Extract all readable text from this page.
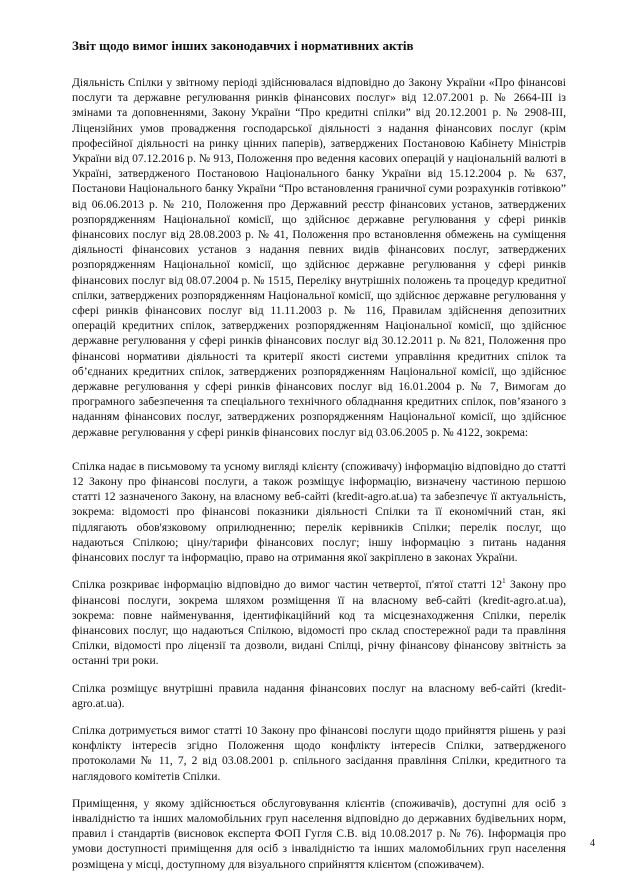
Звіт щодо вимог інших законодавчих і нормативних актів

Діяльність Спілки у звітному періоді здійснювалася відповідно до Закону України «Про фінансові послуги та державне регулювання ринків фінансових послуг» від 12.07.2001 р. № 2664-ІІІ із змінами та доповненнями, Закону України “Про кредитні спілки” від 20.12.2001 р. № 2908-ІІІ, Ліцензійних умов провадження господарської діяльності з надання фінансових послуг (крім професійної діяльності на ринку цінних паперів), затверджених Постановою Кабінету Міністрів України від 07.12.2016 р. № 913, Положення про ведення касових операцій у національній валюті в Україні, затвердженого Постановою Національного банку України від 15.12.2004 р. № 637, Постанови Національного банку України “Про встановлення граничної суми розрахунків готівкою” від 06.06.2013 р. № 210, Положення про Державний реєстр фінансових установ, затверджених розпорядженням Національної комісії, що здійснює державне регулювання у сфері ринків фінансових послуг від 28.08.2003 р. № 41, Положення про встановлення обмежень на суміщення діяльності фінансових установ з надання певних видів фінансових послуг, затверджених розпорядженням Національної комісії, що здійснює державне регулювання у сфері ринків фінансових послуг від 08.07.2004 р. № 1515, Переліку внутрішніх положень та процедур кредитної спілки, затверджених розпорядженням Національної комісії, що здійснює державне регулювання у сфері ринків фінансових послуг від 11.11.2003 р. № 116, Правилам здійснення депозитних операцій кредитних спілок, затверджених розпорядженням Національної комісії, що здійснює державне регулювання у сфері ринків фінансових послуг від 30.12.2011 р. № 821, Положення про фінансові нормативи діяльності та критерії якості системи управління кредитних спілок та об’єднаних кредитних спілок, затверджених розпорядженням Національної комісії, що здійснює державне регулювання у сфері ринків фінансових послуг від 16.01.2004 р. № 7, Вимогам до програмного забезпечення та спеціального технічного обладнання кредитних спілок, пов’язаного з наданням фінансових послуг, затверджених розпорядженням Національної комісії, що здійснює державне регулювання у сфері ринків фінансових послуг від 03.06.2005 р. № 4122, зокрема:

Спілка надає в письмовому та усному вигляді клієнту (споживачу) інформацію відповідно до статті 12 Закону про фінансові послуги, а також розміщує інформацію, визначену частиною першою статті 12 зазначеного Закону, на власному веб-сайті (kredit-agro.at.ua) та забезпечує її актуальність, зокрема: відомості про фінансові показники діяльності Спілки та її економічний стан, які підлягають обов'язковому оприлюдненню; перелік керівників Спілки; перелік послуг, що надаються Спілкою; ціну/тарифи фінансових послуг; іншу інформацію з питань надання фінансових послуг та інформацію, право на отримання якої закріплено в законах України.

Спілка розкриває інформацію відповідно до вимог частин четвертої, п'ятої статті $12^1$ Закону про фінансові послуги, зокрема шляхом розміщення її на власному веб-сайті (kredit-agro.at.ua), зокрема: повне найменування, ідентифікаційний код та місцезнаходження Спілки, перелік фінансових послуг, що надаються Спілкою, відомості про склад спостережної ради та правління Спілки, відомості про ліцензії та дозволи, видані Спілці, річну фінансову фінансову звітність за останні три роки.

Спілка розміщує внутрішні правила надання фінансових послуг на власному веб-сайті (kredit-agro.at.ua).

Спілка дотримується вимог статті 10 Закону про фінансові послуги щодо прийняття рішень у разі конфлікту інтересів згідно Положення щодо конфлікту інтересів Спілки, затвердженого протоколами № 11, 7, 2 від 03.08.2001 р. спільного засідання правління Спілки, кредитного та наглядового комітетів Спілки.

Приміщення, у якому здійснюється обслуговування клієнтів (споживачів), доступні для осіб з інвалідністю та інших маломобільних груп населення відповідно до державних будівельних норм, правил і стандартів (висновок експерта ФОП Гугля С.В. від 10.08.2017 р. № 76). Інформація про умови доступності приміщення для осіб з інвалідністю та інших маломобільних груп населення розміщена у місці, доступному для візуального сприйняття клієнтом (споживачем).

4
